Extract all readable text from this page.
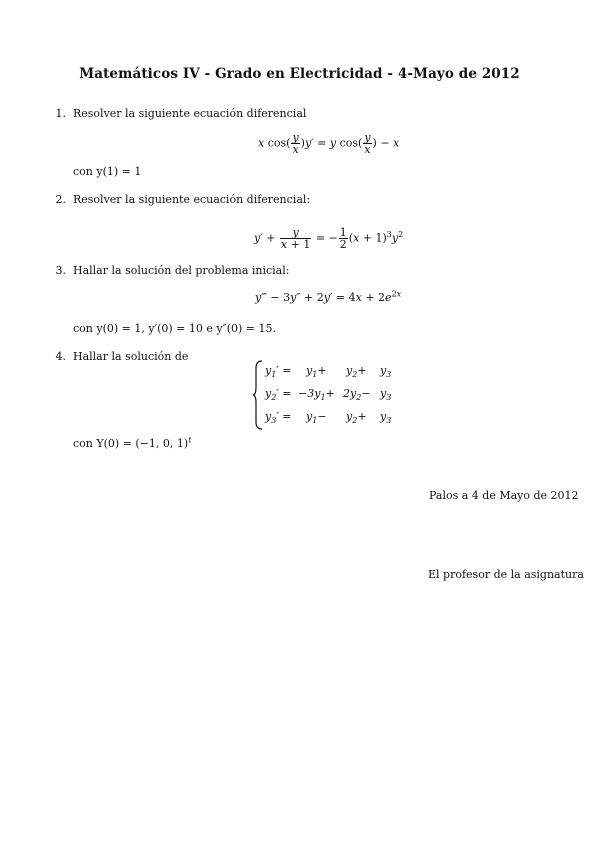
Matemáticos IV - Grado en Electricidad - 4-Mayo de 2012
1. Resolver la siguiente ecuación diferencial
x $\cos( \frac{y}{x} )y' = y$ $\cos( \frac{y}{x}$ ) − x
con y(1) = 1
2. Resolver la siguiente ecuación diferencial:
$y' + \frac{y}{x + 1}$ = − $\frac{1}{2} (x + 1)^3y^2$
3. Hallar la solución del problema inicial:
y‴ − $3y'' + 2y' = 4x + 2e^{2x}$
con y(0) = 1, y′(0) = 10 e y″(0) = 15.
4. Hallar la solución de
$y_1' = y_1+ y_2+ y_3$
$y_2' = -3y_1+ 2y_2- y_3$
$y_3' = y_1- y_2+ y_3$
con Y(0) = (−1, 0, 1)$^t$
Palos a 4 de Mayo de 2012
El profesor de la asignatura
